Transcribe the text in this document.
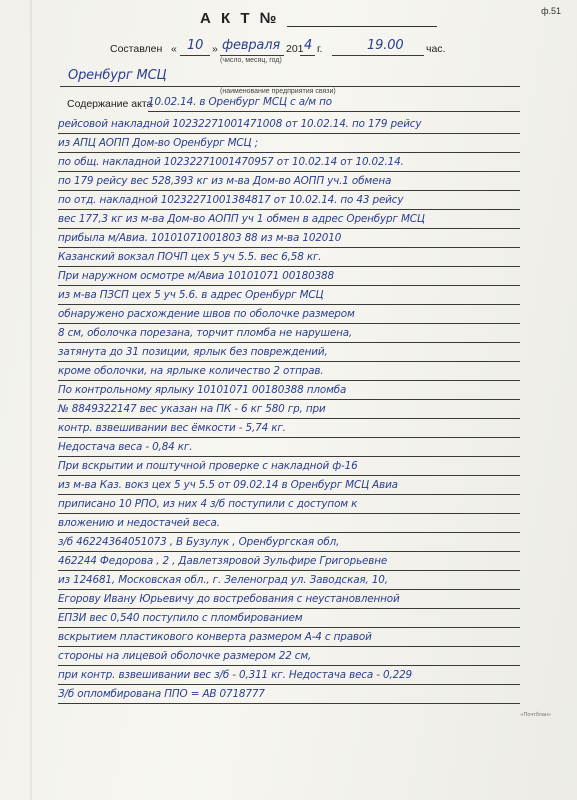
ф.51
А К Т №
Составлен « 10 » февраля 201 4 г.	19.00 час.
(число, месяц, год)
Оренбург МСЦ
(наименование предприятия связи)
Содержание акта
10.02.14. в Оренбург МСЦ с а/м по
рейсовой накладной 10232271001471008 от 10.02.14. по 179 рейсу
из АПЦ АОПП Дом-во Оренбург МСЦ ;
по общ. накладной 10232271001470957 от 10.02.14 от 10.02.14.
по 179 рейсу вес 528,393 кг из м-ва Дом-во АОПП уч.1 обмена
по отд. накладной 10232271001384817 от 10.02.14. по 43 рейсу
вес 177,3 кг из м-ва Дом-во АОПП уч 1 обмен в адрес Оренбург МСЦ
прибыла м/Авиа. 10101071001803 88 из м-ва 102010
Казанский вокзал ПОЧП цех 5 уч 5.5. вес 6,58 кг.
При наружном осмотре м/Авиа 10101071 00180388
из м-ва ПЗСП цех 5 уч 5.6. в адрес Оренбург МСЦ
обнаружено расхождение швов по оболочке размером
8 см, оболочка порезана, торчит пломба не нарушена,
затянута до 31 позиции, ярлык без повреждений,
кроме оболочки, на ярлыке количество 2 отправ.
По контрольному ярлыку 10101071 00180388 пломба
№ 8849322147 вес указан на ПК - 6 кг 580 гр, при
контр. взвешивании вес ёмкости - 5,74 кг.
Недостача веса - 0,84 кг.
При вскрытии и поштучной проверке с накладной ф-16
из м-ва Каз. вокз цех 5 уч 5.5 от 09.02.14 в Оренбург МСЦ Авиа
приписано 10 РПО, из них 4 з/б поступили с доступом к
вложению и недостачей веса.
з/б 46224364051073 , В Бузулук , Оренбургская обл,
462244 Федорова , 2 , Давлетзяровой Зульфире Григорьевне
из 124681, Московская обл., г. Зеленоград ул. Заводская, 10,
Егорову Ивану Юрьевичу до востребования с неустановленной
ЕПЗИ вес 0,540 поступило с пломбированием
вскрытием пластикового конверта размером А-4 с правой
стороны на лицевой оболочке размером 22 см,
при контр. взвешивании вес з/б - 0,311 кг. Недостача веса - 0,229
З/б опломбирована ППО = АВ 0718777
«Почтблан»
